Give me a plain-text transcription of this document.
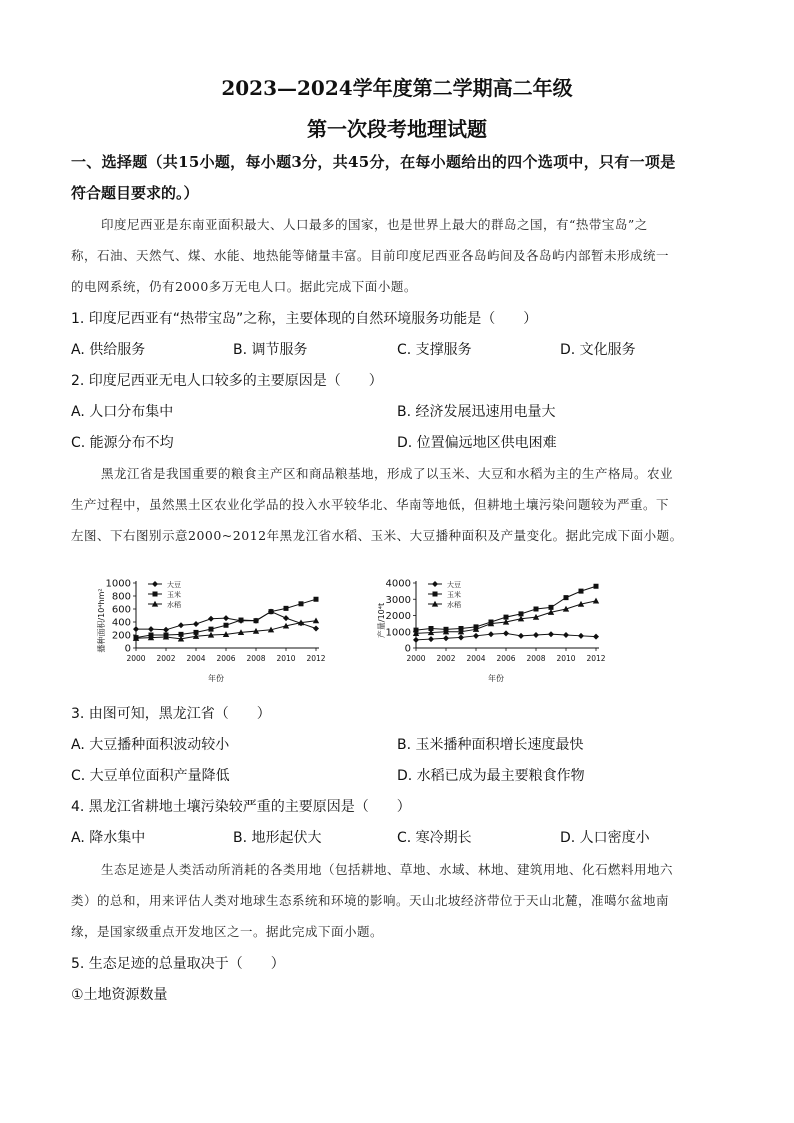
2023—2024学年度第二学期高二年级
第一次段考地理试题
一、选择题（共15小题，每小题3分，共45分，在每小题给出的四个选项中，只有一项是
符合题目要求的。）
印度尼西亚是东南亚面积最大、人口最多的国家，也是世界上最大的群岛之国，有“热带宝岛”之
称，石油、天然气、煤、水能、地热能等储量丰富。目前印度尼西亚各岛屿间及各岛屿内部暂未形成统一
的电网系统，仍有2000多万无电人口。据此完成下面小题。
1. 印度尼西亚有“热带宝岛”之称，主要体现的自然环境服务功能是（　　）
A. 供给服务	B. 调节服务	C. 支撑服务	D. 文化服务
2. 印度尼西亚无电人口较多的主要原因是（　　）
A. 人口分布集中	B. 经济发展迅速用电量大
C. 能源分布不均	D. 位置偏远地区供电困难
黑龙江省是我国重要的粮食主产区和商品粮基地，形成了以玉米、大豆和水稻为主的生产格局。农业
生产过程中，虽然黑土区农业化学品的投入水平较华北、华南等地低，但耕地土壤污染问题较为严重。下
左图、下右图别示意2000~2012年黑龙江省水稻、玉米、大豆播种面积及产量变化。据此完成下面小题。
0
200
400
600
800
1000
2000 2002 2004 2006 2008 2010 2012
年份
播种面积/10⁴hm²
大豆
玉米
水稻
0
1000
2000
3000
4000
2000 2002 2004 2006 2008 2010 2012
年份
产量/10⁴t
大豆
玉米
水稻
3. 由图可知，黑龙江省（　　）
A. 大豆播种面积波动较小	B. 玉米播种面积增长速度最快
C. 大豆单位面积产量降低	D. 水稻已成为最主要粮食作物
4. 黑龙江省耕地土壤污染较严重的主要原因是（　　）
A. 降水集中	B. 地形起伏大	C. 寒冷期长	D. 人口密度小
生态足迹是人类活动所消耗的各类用地（包括耕地、草地、水域、林地、建筑用地、化石燃料用地六
类）的总和，用来评估人类对地球生态系统和环境的影响。天山北坡经济带位于天山北麓，准噶尔盆地南
缘，是国家级重点开发地区之一。据此完成下面小题。
5. 生态足迹的总量取决于（　　）
①土地资源数量
